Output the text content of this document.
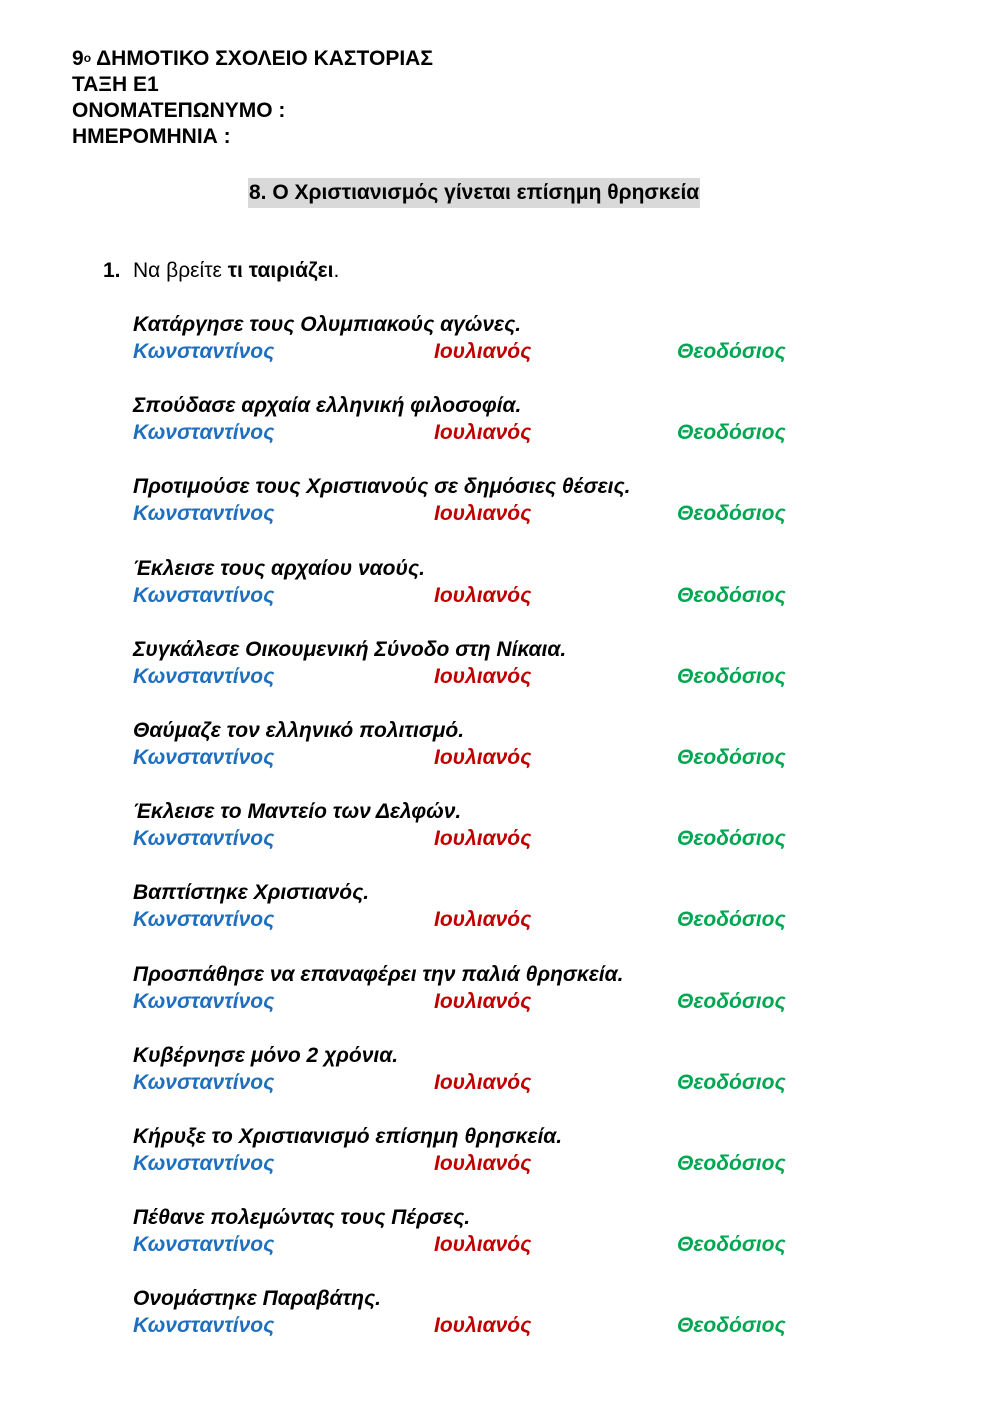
$9^o$ ΔΗΜΟΤΙΚΟ ΣΧΟΛΕΙΟ ΚΑΣΤΟΡΙΑΣ
ΤΑΞΗ Ε1
ΟΝΟΜΑΤΕΠΩΝΥΜΟ :
ΗΜΕΡΟΜΗΝΙΑ :
8. Ο Χριστιανισμός γίνεται επίσημη θρησκεία
1. Να βρείτε τι ταιριάζει.
Κατάργησε τους Ολυμπιακούς αγώνες.
Κωνσταντίνος	Ιουλιανός	Θεοδόσιος
Σπούδασε αρχαία ελληνική φιλοσοφία.
Κωνσταντίνος	Ιουλιανός	Θεοδόσιος
Προτιμούσε τους Χριστιανούς σε δημόσιες θέσεις.
Κωνσταντίνος	Ιουλιανός	Θεοδόσιος
Έκλεισε τους αρχαίου ναούς.
Κωνσταντίνος	Ιουλιανός	Θεοδόσιος
Συγκάλεσε Οικουμενική Σύνοδο στη Νίκαια.
Κωνσταντίνος	Ιουλιανός	Θεοδόσιος
Θαύμαζε τον ελληνικό πολιτισμό.
Κωνσταντίνος	Ιουλιανός	Θεοδόσιος
Έκλεισε το Μαντείο των Δελφών.
Κωνσταντίνος	Ιουλιανός	Θεοδόσιος
Βαπτίστηκε Χριστιανός.
Κωνσταντίνος	Ιουλιανός	Θεοδόσιος
Προσπάθησε να επαναφέρει την παλιά θρησκεία.
Κωνσταντίνος	Ιουλιανός	Θεοδόσιος
Κυβέρνησε μόνο 2 χρόνια.
Κωνσταντίνος	Ιουλιανός	Θεοδόσιος
Κήρυξε το Χριστιανισμό επίσημη θρησκεία.
Κωνσταντίνος	Ιουλιανός	Θεοδόσιος
Πέθανε πολεμώντας τους Πέρσες.
Κωνσταντίνος	Ιουλιανός	Θεοδόσιος
Ονομάστηκε Παραβάτης.
Κωνσταντίνος	Ιουλιανός	Θεοδόσιος
